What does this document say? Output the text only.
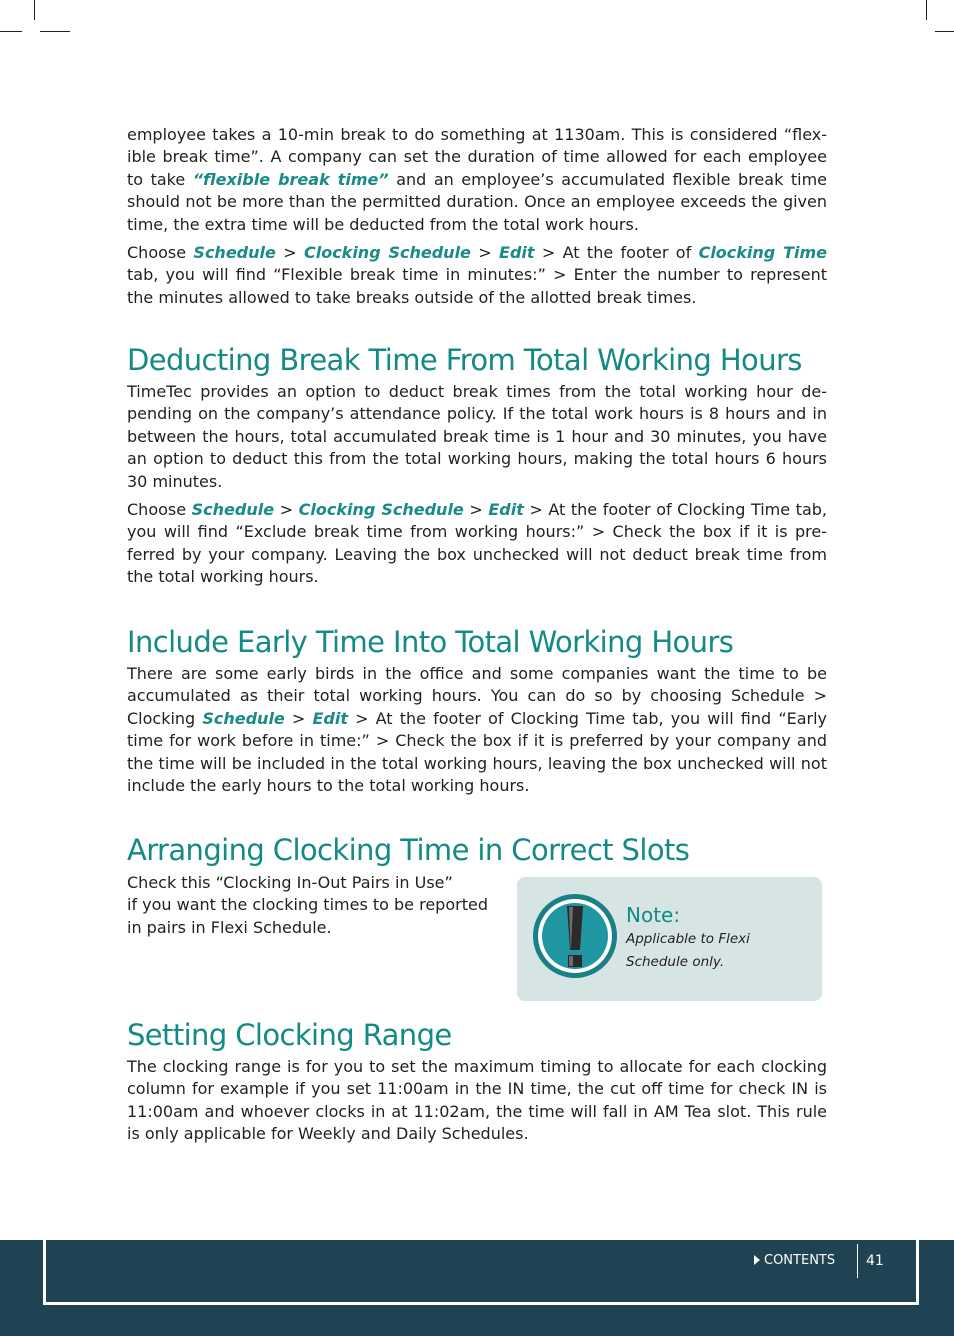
employee takes a 10-min break to do something at 1130am. This is considered “flex-ible break time”. A company can set the duration of time allowed for each employee to take “flexible break time” and an employee’s accumulated flexible break time should not be more than the permitted duration. Once an employee exceeds the given time, the extra time will be deducted from the total work hours.

Choose Schedule > Clocking Schedule > Edit > At the footer of Clocking Time tab, you will find “Flexible break time in minutes:” > Enter the number to represent the minutes allowed to take breaks outside of the allotted break times.

Deducting Break Time From Total Working Hours

TimeTec provides an option to deduct break times from the total working hour de-pending on the company’s attendance policy. If the total work hours is 8 hours and in between the hours, total accumulated break time is 1 hour and 30 minutes, you have an option to deduct this from the total working hours, making the total hours 6 hours 30 minutes.

Choose Schedule > Clocking Schedule > Edit > At the footer of Clocking Time tab, you will find “Exclude break time from working hours:” > Check the box if it is pre-ferred by your company. Leaving the box unchecked will not deduct break time from the total working hours.

Include Early Time Into Total Working Hours

There are some early birds in the office and some companies want the time to be accumulated as their total working hours. You can do so by choosing Schedule > Clocking Schedule > Edit > At the footer of Clocking Time tab, you will find “Early time for work before in time:” > Check the box if it is preferred by your company and the time will be included in the total working hours, leaving the box unchecked will not include the early hours to the total working hours.

Arranging Clocking Time in Correct Slots
Check this “Clocking In-Out Pairs in Use”
if you want the clocking times to be reported
in pairs in Flexi Schedule.
Note:
Applicable to Flexi Schedule only.
Setting Clocking Range

The clocking range is for you to set the maximum timing to allocate for each clocking column for example if you set 11:00am in the IN time, the cut off time for check IN is 11:00am and whoever clocks in at 11:02am, the time will fall in AM Tea slot. This rule is only applicable for Weekly and Daily Schedules.

CONTENTS 41
